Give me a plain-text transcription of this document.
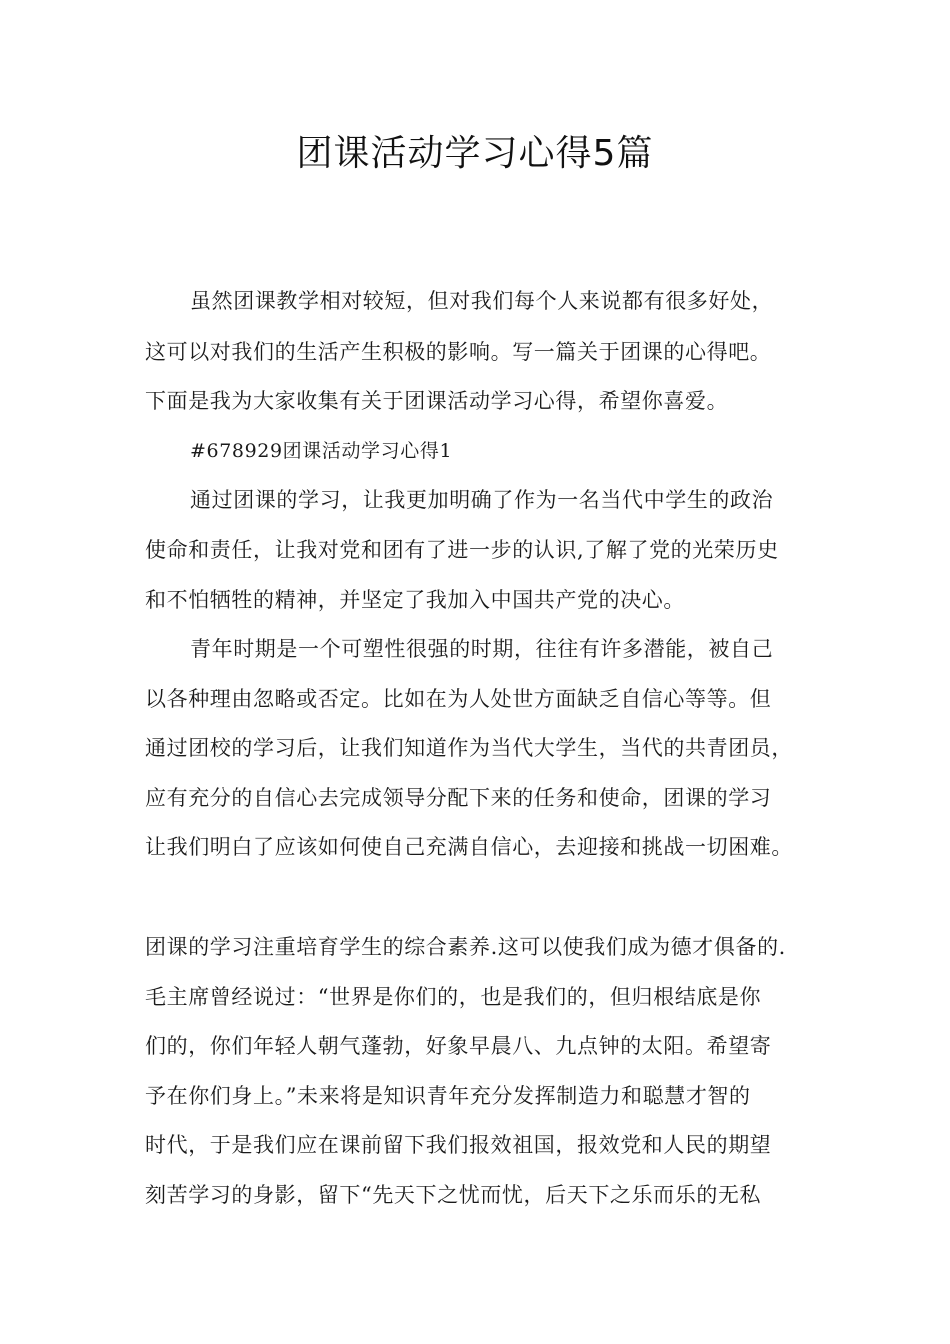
团课活动学习心得5篇
虽然团课教学相对较短，但对我们每个人来说都有很多好处，
这可以对我们的生活产生积极的影响。写一篇关于团课的心得吧。
下面是我为大家收集有关于团课活动学习心得，希望你喜爱。
#678929团课活动学习心得1
通过团课的学习，让我更加明确了作为一名当代中学生的政治
使命和责任，让我对党和团有了进一步的认识,了解了党的光荣历史
和不怕牺牲的精神，并坚定了我加入中国共产党的决心。
青年时期是一个可塑性很强的时期，往往有许多潜能，被自己
以各种理由忽略或否定。比如在为人处世方面缺乏自信心等等。但
通过团校的学习后，让我们知道作为当代大学生，当代的共青团员，
应有充分的自信心去完成领导分配下来的任务和使命，团课的学习
让我们明白了应该如何使自己充满自信心，去迎接和挑战一切困难。
团课的学习注重培育学生的综合素养.这可以使我们成为德才俱备的.
毛主席曾经说过：“世界是你们的，也是我们的，但归根结底是你
们的，你们年轻人朝气蓬勃，好象早晨八、九点钟的太阳。希望寄
予在你们身上。”未来将是知识青年充分发挥制造力和聪慧才智的
时代，于是我们应在课前留下我们报效祖国，报效党和人民的期望
刻苦学习的身影，留下“先天下之忧而忧，后天下之乐而乐的无私
